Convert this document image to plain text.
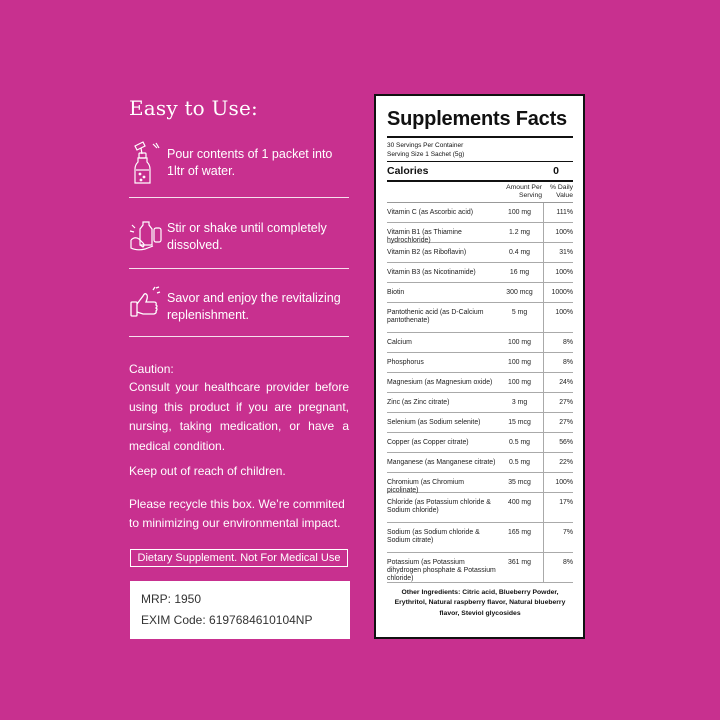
Easy to Use:
Pour contents of 1 packet into 1ltr of water.
Stir or shake until completely dissolved.
Savor and enjoy the revitalizing replenishment.
Caution:

Consult your healthcare provider before using this product if you are pregnant, nursing, taking medication, or have a medical condition.

Keep out of reach of children.

Please recycle this box. We’re commited to minimizing our environmental impact.

Dietary Supplement. Not For Medical Use
MRP: 1950
EXIM Code: 6197684610104NP
Supplements Facts
30 Servings Per Container
Serving Size 1 Sachet (5g)
Calories	0
Amount Per Serving
% Daily Value
Vitamin C (as Ascorbic acid)	100 mg	111%
Vitamin B1 (as Thiamine hydrochloride)
1.2 mg	100%
Vitamin B2 (as Riboflavin)	0.4 mg	31%
Vitamin B3 (as Nicotinamide)	16 mg	100%
Biotin	300 mcg	1000%
Pantothenic acid (as D-Calcium pantothenate)
5 mg	100%
Calcium	100 mg	8%
Phosphorus	100 mg	8%
Magnesium (as Magnesium oxide)	100 mg	24%
Zinc (as Zinc citrate)	3 mg	27%
Selenium (as Sodium selenite)	15 mcg	27%
Copper (as Copper citrate)	0.5 mg	56%
Manganese (as Manganese citrate)	0.5 mg	22%
Chromium (as Chromium picolinate)
35 mcg	100%
Chloride (as Potassium chloride & Sodium chloride)
400 mg	17%
Sodium (as Sodium chloride & Sodium citrate)
165 mg	7%
Potassium (as Potassium dihydrogen phosphate & Potassium chloride)
361 mg	8%
Other Ingredients: Citric acid, Blueberry Powder, Erythritol, Natural raspberry flavor, Natural blueberry flavor, Steviol glycosides
